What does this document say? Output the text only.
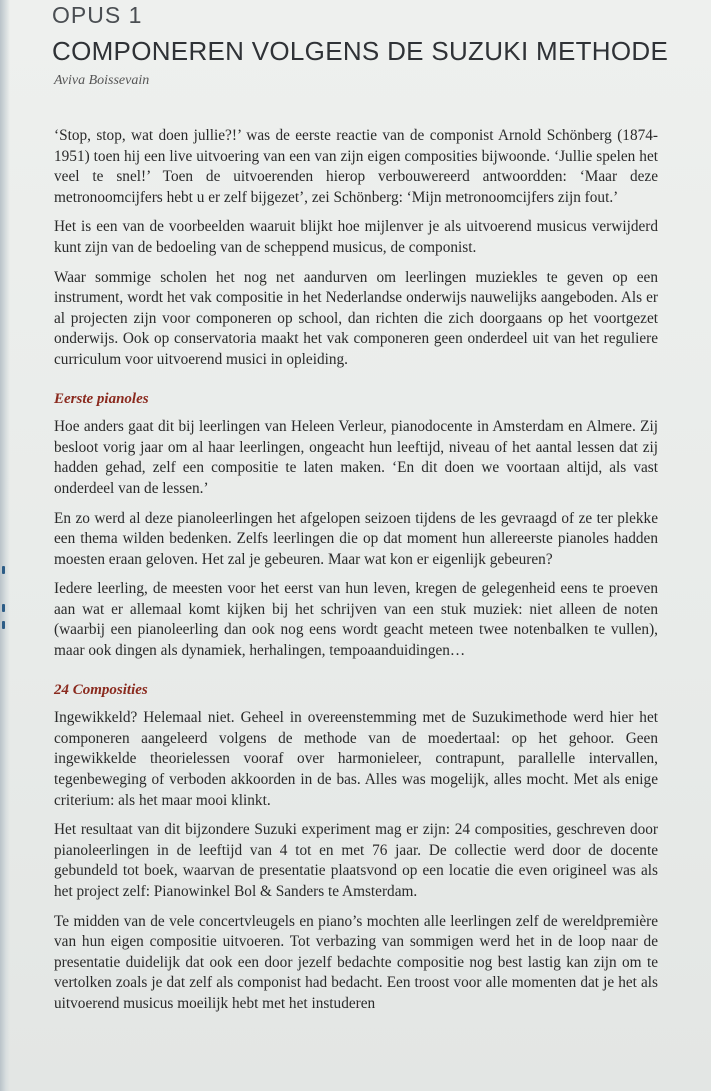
OPUS 1
COMPONEREN VOLGENS DE SUZUKI METHODE
Aviva Boissevain

‘Stop, stop, wat doen jullie?!’ was de eerste reactie van de componist Arnold Schönberg (1874-1951) toen hij een live uitvoering van een van zijn eigen composities bijwoonde. ‘Jullie spelen het veel te snel!’ Toen de uitvoerenden hierop verbouwereerd antwoordden: ‘Maar deze metronoomcijfers hebt u er zelf bijgezet’, zei Schönberg: ‘Mijn metronoomcijfers zijn fout.’

Het is een van de voorbeelden waaruit blijkt hoe mijlenver je als uitvoerend musicus verwijderd kunt zijn van de bedoeling van de scheppend musicus, de componist.

Waar sommige scholen het nog net aandurven om leerlingen muziekles te geven op een instrument, wordt het vak compositie in het Nederlandse onderwijs nauwelijks aangeboden. Als er al projecten zijn voor componeren op school, dan richten die zich doorgaans op het voortgezet onderwijs. Ook op conservatoria maakt het vak componeren geen onderdeel uit van het reguliere curriculum voor uitvoerend musici in opleiding.

Eerste pianoles

Hoe anders gaat dit bij leerlingen van Heleen Verleur, pianodocente in Amsterdam en Almere. Zij besloot vorig jaar om al haar leerlingen, ongeacht hun leeftijd, niveau of het aantal lessen dat zij hadden gehad, zelf een compositie te laten maken. ‘En dit doen we voortaan altijd, als vast onderdeel van de lessen.’

En zo werd al deze pianoleerlingen het afgelopen seizoen tijdens de les gevraagd of ze ter plekke een thema wilden bedenken. Zelfs leerlingen die op dat moment hun allereerste pianoles hadden moesten eraan geloven. Het zal je gebeuren. Maar wat kon er eigenlijk gebeuren?

Iedere leerling, de meesten voor het eerst van hun leven, kregen de gelegenheid eens te proeven aan wat er allemaal komt kijken bij het schrijven van een stuk muziek: niet alleen de noten (waarbij een pianoleerling dan ook nog eens wordt geacht meteen twee notenbalken te vullen), maar ook dingen als dynamiek, herhalingen, tempoaanduidingen…

24 Composities

Ingewikkeld? Helemaal niet. Geheel in overeenstemming met de Suzukimethode werd hier het componeren aangeleerd volgens de methode van de moedertaal: op het gehoor. Geen ingewikkelde theorielessen vooraf over harmonieleer, contrapunt, parallelle intervallen, tegenbeweging of verboden akkoorden in de bas. Alles was mogelijk, alles mocht. Met als enige criterium: als het maar mooi klinkt.

Het resultaat van dit bijzondere Suzuki experiment mag er zijn: 24 composities, geschreven door pianoleerlingen in de leeftijd van 4 tot en met 76 jaar. De collectie werd door de docente gebundeld tot boek, waarvan de presentatie plaatsvond op een locatie die even origineel was als het project zelf: Pianowinkel Bol & Sanders te Amsterdam.

Te midden van de vele concertvleugels en piano’s mochten alle leerlingen zelf de wereldpremière van hun eigen compositie uitvoeren. Tot verbazing van sommigen werd het in de loop naar de presentatie duidelijk dat ook een door jezelf bedachte compositie nog best lastig kan zijn om te vertolken zoals je dat zelf als componist had bedacht. Een troost voor alle momenten dat je het als uitvoerend musicus moeilijk hebt met het instuderen
